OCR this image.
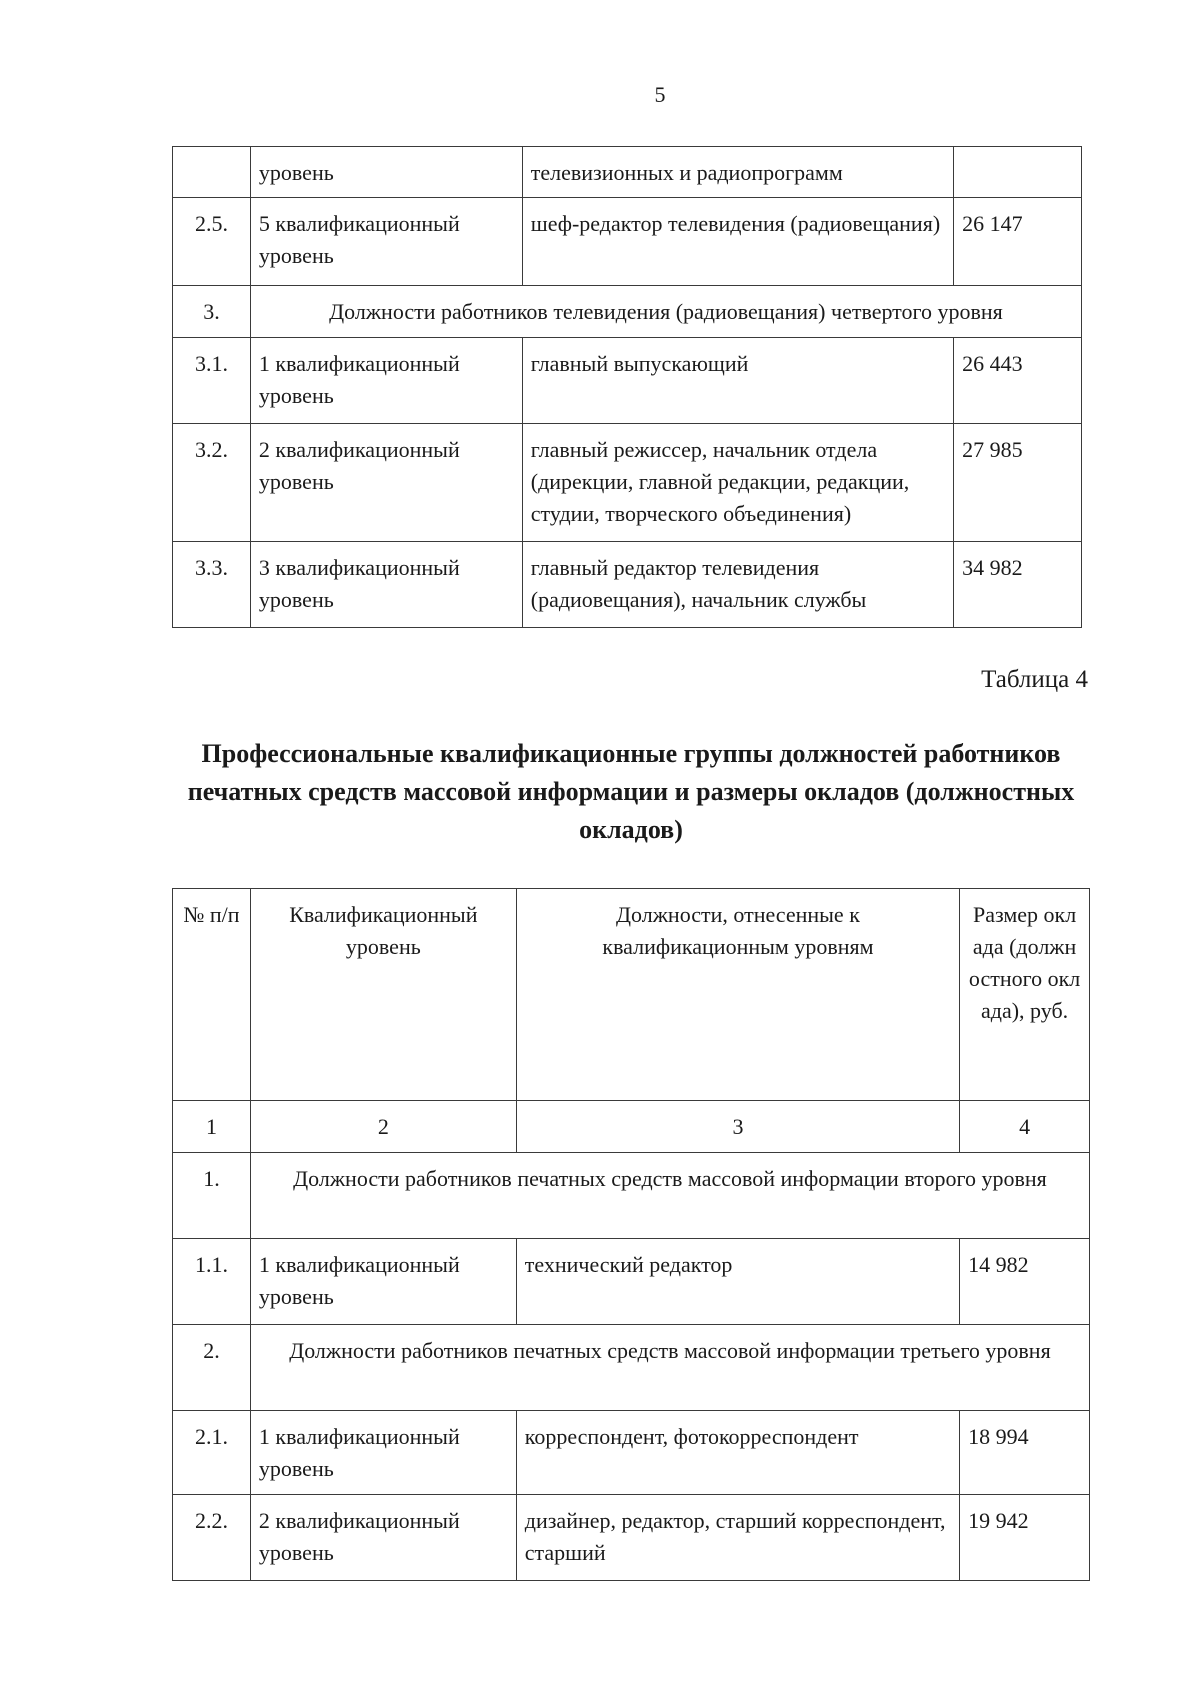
5
	уровень	телевизионных и радиопрограмм	
2.5.	5 квалификационный уровень	шеф-редактор телевидения (радиовещания)	26 147
3.	Должности работников телевидения (радиовещания) четвертого уровня		
3.1.	1 квалификационный уровень	главный выпускающий	26 443
3.2.	2 квалификационный уровень	главный режиссер, начальник отдела (дирекции, главной редакции, редакции, студии, творческого объединения)	27 985
3.3.	3 квалификационный уровень	главный редактор телевидения (радиовещания), начальник службы	34 982
Таблица 4
Профессиональные квалификационные группы должностей работников печатных средств массовой информации и размеры окладов (должностных окладов)
№ п/п	Квалификационный уровень	Должности, отнесенные к квалификационным уровням	Размер оклада (должностного оклада), руб.
1	2	3	4
1.	Должности работников печатных средств массовой информации второго уровня		
1.1.	1 квалификационный уровень	технический редактор	14 982
2.	Должности работников печатных средств массовой информации третьего уровня		
2.1.	1 квалификационный уровень	корреспондент, фотокорреспондент	18 994
2.2.	2 квалификационный уровень	дизайнер, редактор, старший корреспондент, старший	19 942
